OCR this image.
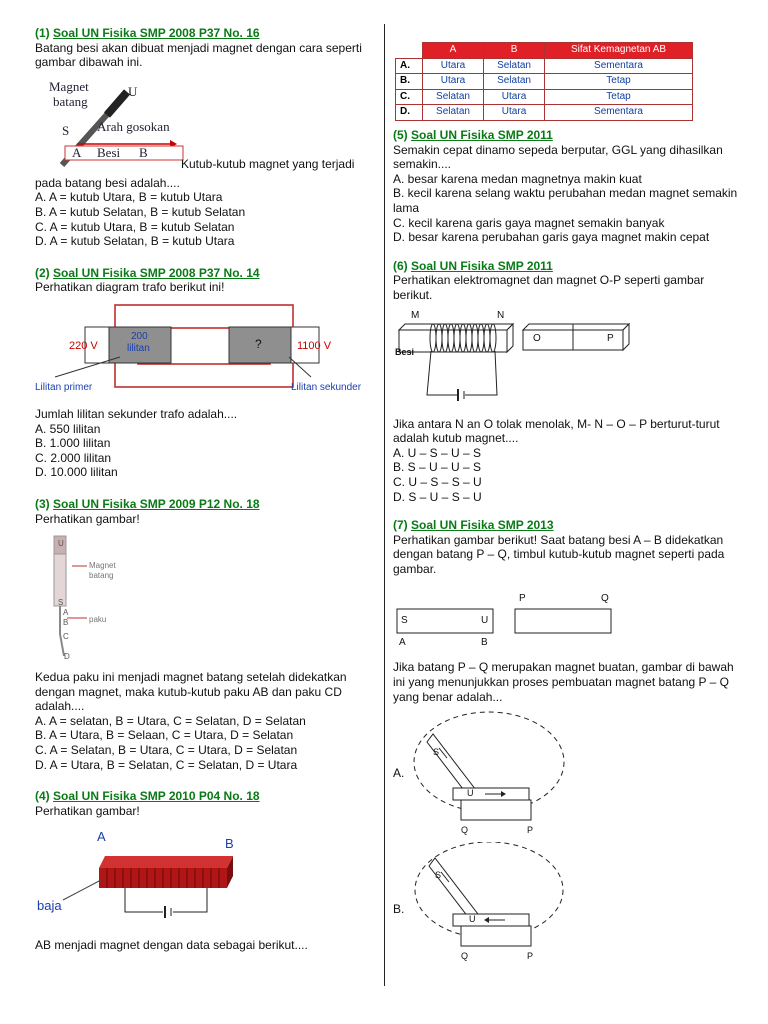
(1) Soal UN Fisika SMP 2008 P37 No. 16

Batang besi akan dibuat menjadi magnet dengan cara seperti gambar dibawah ini.

Magnet
batang
U
S Arah gosokan
A Besi B
Kutub-kutub magnet yang terjadi

pada batang besi adalah....

A. A = kutub Utara, B = kutub Utara

B. A = kutub Selatan, B = kutub Selatan

C. A = kutub Utara, B = kutub Selatan

D. A = kutub Selatan, B = kutub Utara

(2) Soal UN Fisika SMP 2008 P37 No. 14

Perhatikan diagram trafo berikut ini!

220 V
200
lilitan	?	1100 V
Lilitan primer	Lilitan sekunder

Jumlah lilitan sekunder trafo adalah....

A. 550 lilitan

B. 1.000 lilitan

C. 2.000 lilitan

D. 10.000 lilitan

(3) Soal UN Fisika SMP 2009 P12 No. 18

Perhatikan gambar!

U
Magnet
batang
S
A
B
C
D
paku

Kedua paku ini menjadi magnet batang setelah didekatkan dengan magnet, maka kutub-kutub paku AB dan paku CD adalah....

A. A = selatan, B = Utara, C = Selatan, D = Selatan

B. A = Utara, B = Selaan, C = Utara, D = Selatan

C. A = Selatan, B = Utara, C = Utara, D = Selatan

D. A = Utara, B = Selatan, C = Selatan, D = Utara

(4) Soal UN Fisika SMP 2010 P04 No. 18

Perhatikan gambar!

A	B
baja

AB menjadi magnet dengan data sebagai berikut....

	A	B	Sifat Kemagnetan AB
A.	Utara	Selatan	Sementara
B.	Utara	Selatan	Tetap
C.	Selatan	Utara	Tetap
D.	Selatan	Utara	Sementara
(5) Soal UN Fisika SMP 2011

Semakin cepat dinamo sepeda berputar, GGL yang dihasilkan semakin....

A. besar karena medan magnetnya makin kuat

B. kecil karena selang waktu perubahan medan magnet semakin lama

C. kecil karena garis gaya magnet semakin banyak

D. besar karena perubahan garis gaya magnet makin cepat

(6) Soal UN Fisika SMP 2011

Perhatikan elektromagnet dan magnet O-P seperti gambar berikut.

M	N
Besi
O	P

Jika antara N an O tolak menolak, M- N – O – P berturut-turut adalah kutub magnet....

A. U – S – U – S

B. S – U – U – S

C. U – S – S – U

D. S – U – S – U

(7) Soal UN Fisika SMP 2013

Perhatikan gambar berikut! Saat batang besi A – B didekatkan dengan batang P – Q, timbul kutub-kutub magnet seperti pada gambar.

P	Q
S	U
A	B

Jika batang P – Q merupakan magnet buatan, gambar di bawah ini yang menunjukkan proses pembuatan magnet batang P – Q yang benar adalah...

A.
S
U
Q	P
B.
S
U
Q	P
